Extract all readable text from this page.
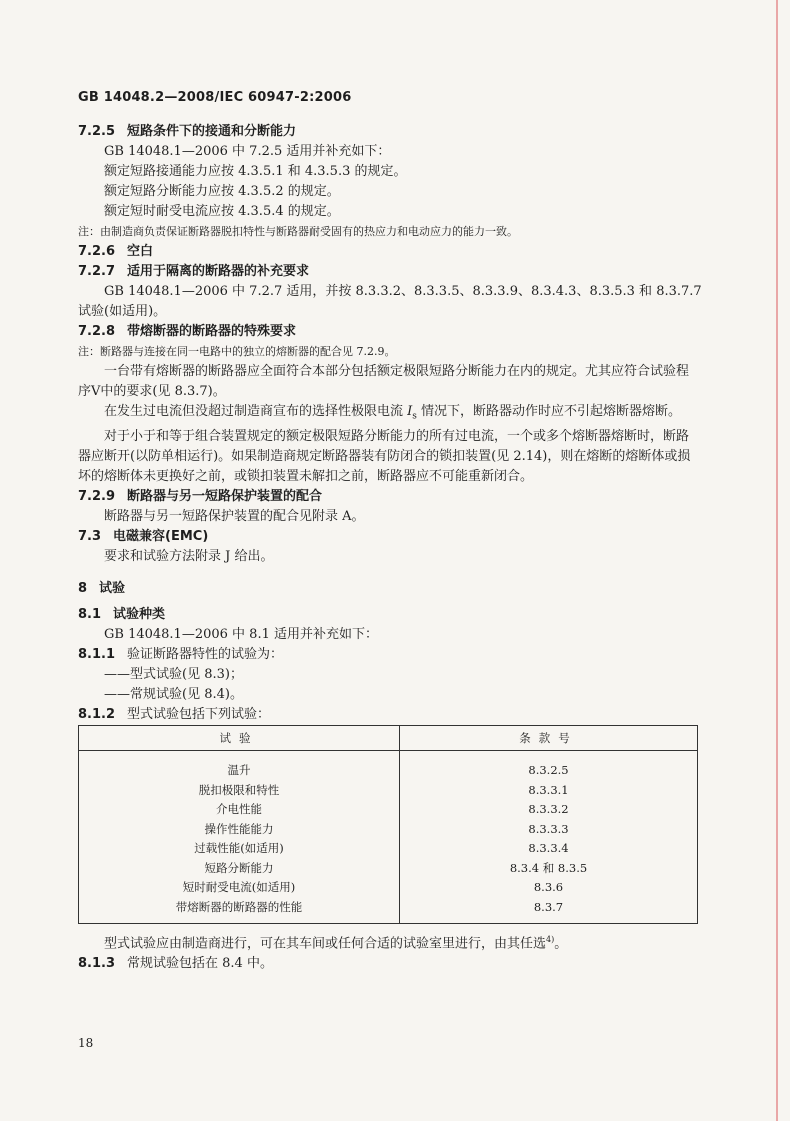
GB 14048.2—2008/IEC 60947-2:2006
7.2.5 短路条件下的接通和分断能力
GB 14048.1—2006 中 7.2.5 适用并补充如下：
额定短路接通能力应按 4.3.5.1 和 4.3.5.3 的规定。
额定短路分断能力应按 4.3.5.2 的规定。
额定短时耐受电流应按 4.3.5.4 的规定。
注：由制造商负责保证断路器脱扣特性与断路器耐受固有的热应力和电动应力的能力一致。
7.2.6 空白
7.2.7 适用于隔离的断路器的补充要求
GB 14048.1—2006 中 7.2.7 适用，并按 8.3.3.2、8.3.3.5、8.3.3.9、8.3.4.3、8.3.5.3 和 8.3.7.7
试验(如适用)。
7.2.8 带熔断器的断路器的特殊要求
注：断路器与连接在同一电路中的独立的熔断器的配合见 7.2.9。

一台带有熔断器的断路器应全面符合本部分包括额定极限短路分断能力在内的规定。尤其应符合试验程序Ⅴ中的要求(见 8.3.7)。

在发生过电流但没超过制造商宣布的选择性极限电流 $I_s$ 情况下，断路器动作时应不引起熔断器熔断。

对于小于和等于组合装置规定的额定极限短路分断能力的所有过电流，一个或多个熔断器熔断时，断路器应断开(以防单相运行)。如果制造商规定断路器装有防闭合的锁扣装置(见 2.14)，则在熔断的熔断体或损坏的熔断体未更换好之前，或锁扣装置未解扣之前，断路器应不可能重新闭合。

7.2.9 断路器与另一短路保护装置的配合
断路器与另一短路保护装置的配合见附录 A。
7.3 电磁兼容(EMC)
要求和试验方法附录 J 给出。
8 试验
8.1 试验种类
GB 14048.1—2006 中 8.1 适用并补充如下：
8.1.1 验证断路器特性的试验为：
——型式试验(见 8.3)；
——常规试验(见 8.4)。
8.1.2 型式试验包括下列试验：
试验	条款号
温升	8.3.2.5
脱扣极限和特性	8.3.3.1
介电性能	8.3.3.2
操作性能能力	8.3.3.3
过载性能(如适用)	8.3.3.4
短路分断能力	8.3.4 和 8.3.5
短时耐受电流(如适用)	8.3.6
带熔断器的断路器的性能	8.3.7

型式试验应由制造商进行，可在其车间或任何合适的试验室里进行，由其任选$^{4)}$。

8.1.3 常规试验包括在 8.4 中。
18
